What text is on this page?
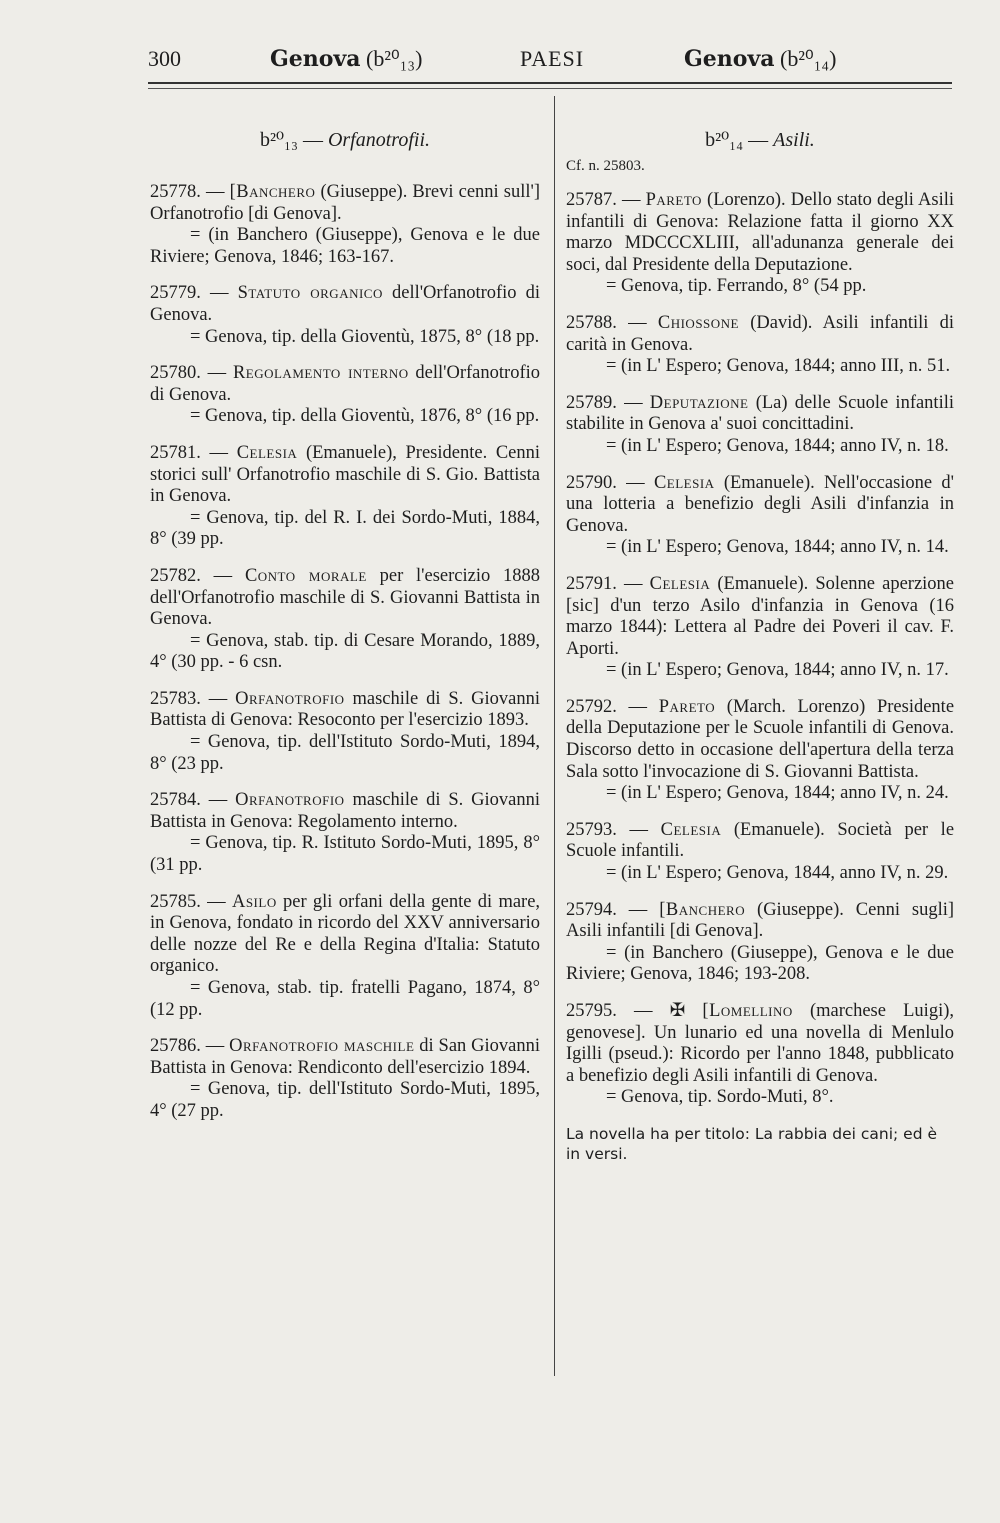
300	Genova (b²⁰₁₃)	PAESI	Genova (b²⁰₁₄)
b²⁰₁₃ — Orfanotrofii.

25778. — [Banchero (Giuseppe). Brevi cenni sull'] Orfanotrofio [di Genova].

= (in Banchero (Giuseppe), Genova e le due Riviere; Genova, 1846; 163-167.

25779. — Statuto organico dell'Orfanotrofio di Genova.

= Genova, tip. della Gioventù, 1875, 8° (18 pp.

25780. — Regolamento interno dell'Orfanotrofio di Genova.

= Genova, tip. della Gioventù, 1876, 8° (16 pp.

25781. — Celesia (Emanuele), Presidente. Cenni storici sull' Orfanotrofio maschile di S. Gio. Battista in Genova.

= Genova, tip. del R. I. dei Sordo-Muti, 1884, 8° (39 pp.

25782. — Conto morale per l'esercizio 1888 dell'Orfanotrofio maschile di S. Giovanni Battista in Genova.

= Genova, stab. tip. di Cesare Morando, 1889, 4° (30 pp. - 6 csn.

25783. — Orfanotrofio maschile di S. Giovanni Battista di Genova: Resoconto per l'esercizio 1893.

= Genova, tip. dell'Istituto Sordo-Muti, 1894, 8° (23 pp.

25784. — Orfanotrofio maschile di S. Giovanni Battista in Genova: Regolamento interno.

= Genova, tip. R. Istituto Sordo-Muti, 1895, 8° (31 pp.

25785. — Asilo per gli orfani della gente di mare, in Genova, fondato in ricordo del XXV anniversario delle nozze del Re e della Regina d'Italia: Statuto organico.

= Genova, stab. tip. fratelli Pagano, 1874, 8° (12 pp.

25786. — Orfanotrofio maschile di San Giovanni Battista in Genova: Rendiconto dell'esercizio 1894.

= Genova, tip. dell'Istituto Sordo-Muti, 1895, 4° (27 pp.

b²⁰₁₄ — Asili.
Cf. n. 25803.

25787. — Pareto (Lorenzo). Dello stato degli Asili infantili di Genova: Relazione fatta il giorno XX marzo MDCCCXLIII, all'adunanza generale dei soci, dal Presidente della Deputazione.

= Genova, tip. Ferrando, 8° (54 pp.

25788. — Chiossone (David). Asili infantili di carità in Genova.

= (in L' Espero; Genova, 1844; anno III, n. 51.

25789. — Deputazione (La) delle Scuole infantili stabilite in Genova a' suoi concittadini.

= (in L' Espero; Genova, 1844; anno IV, n. 18.

25790. — Celesia (Emanuele). Nell'occasione d' una lotteria a benefizio degli Asili d'infanzia in Genova.

= (in L' Espero; Genova, 1844; anno IV, n. 14.

25791. — Celesia (Emanuele). Solenne aperzione [sic] d'un terzo Asilo d'infanzia in Genova (16 marzo 1844): Lettera al Padre dei Poveri il cav. F. Aporti.

= (in L' Espero; Genova, 1844; anno IV, n. 17.

25792. — Pareto (March. Lorenzo) Presidente della Deputazione per le Scuole infantili di Genova. Discorso detto in occasione dell'apertura della terza Sala sotto l'invocazione di S. Giovanni Battista.

= (in L' Espero; Genova, 1844; anno IV, n. 24.

25793. — Celesia (Emanuele). Società per le Scuole infantili.

= (in L' Espero; Genova, 1844, anno IV, n. 29.

25794. — [Banchero (Giuseppe). Cenni sugli] Asili infantili [di Genova].

= (in Banchero (Giuseppe), Genova e le due Riviere; Genova, 1846; 193-208.

25795. — ✠ [Lomellino (marchese Luigi), genovese]. Un lunario ed una novella di Menlulo Igilli (pseud.): Ricordo per l'anno 1848, pubblicato a benefizio degli Asili infantili di Genova.

= Genova, tip. Sordo-Muti, 8°.

La novella ha per titolo: La rabbia dei cani; ed è in versi.
